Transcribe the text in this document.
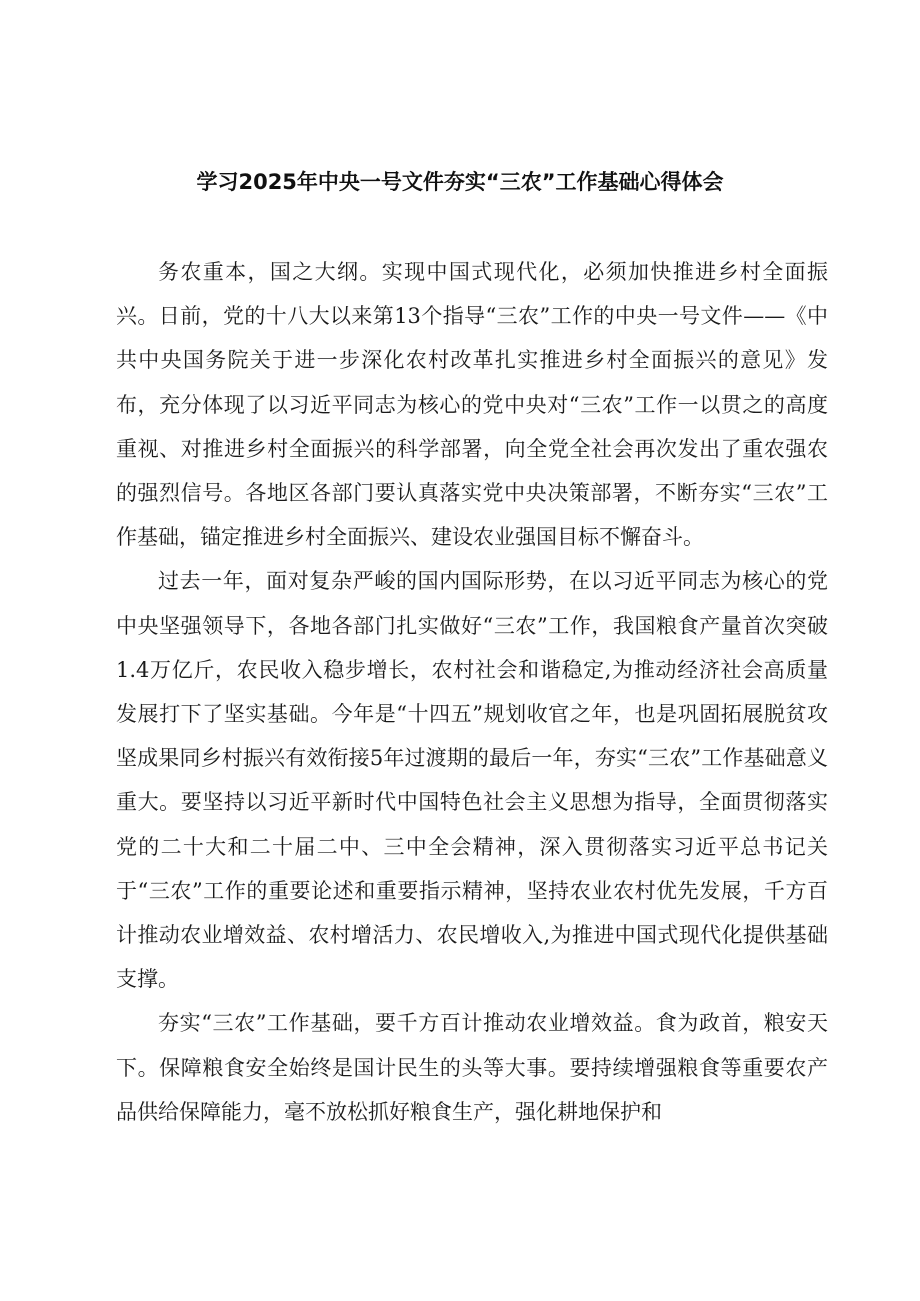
学习2025年中央一号文件夯实“三农”工作基础心得体会

务农重本，国之大纲。实现中国式现代化，必须加快推进乡村全面振兴。日前，党的十八大以来第13个指导“三农”工作的中央一号文件——《中共中央国务院关于进一步深化农村改革扎实推进乡村全面振兴的意见》发布，充分体现了以习近平同志为核心的党中央对“三农”工作一以贯之的高度重视、对推进乡村全面振兴的科学部署，向全党全社会再次发出了重农强农的强烈信号。各地区各部门要认真落实党中央决策部署，不断夯实“三农”工作基础，锚定推进乡村全面振兴、建设农业强国目标不懈奋斗。

过去一年，面对复杂严峻的国内国际形势，在以习近平同志为核心的党中央坚强领导下，各地各部门扎实做好“三农”工作，我国粮食产量首次突破1.4万亿斤，农民收入稳步增长，农村社会和谐稳定,为推动经济社会高质量发展打下了坚实基础。今年是“十四五”规划收官之年，也是巩固拓展脱贫攻坚成果同乡村振兴有效衔接5年过渡期的最后一年，夯实“三农”工作基础意义重大。要坚持以习近平新时代中国特色社会主义思想为指导，全面贯彻落实党的二十大和二十届二中、三中全会精神，深入贯彻落实习近平总书记关于“三农”工作的重要论述和重要指示精神，坚持农业农村优先发展，千方百计推动农业增效益、农村增活力、农民增收入,为推进中国式现代化提供基础支撑。

夯实“三农”工作基础，要千方百计推动农业增效益。食为政首，粮安天下。保障粮食安全始终是国计民生的头等大事。要持续增强粮食等重要农产品供给保障能力，毫不放松抓好粮食生产，强化耕地保护和
